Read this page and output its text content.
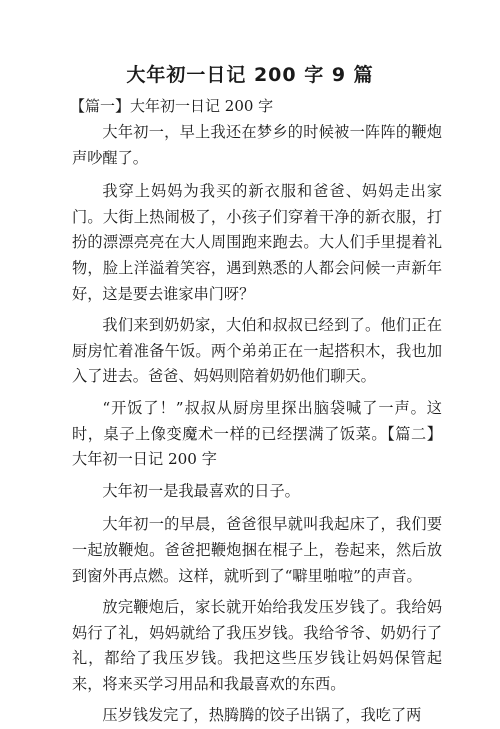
大年初一日记 200 字 9 篇
【篇一】大年初一日记 200 字

大年初一，早上我还在梦乡的时候被一阵阵的鞭炮声吵醒了。

我穿上妈妈为我买的新衣服和爸爸、妈妈走出家门。大街上热闹极了，小孩子们穿着干净的新衣服，打扮的漂漂亮亮在大人周围跑来跑去。大人们手里提着礼物，脸上洋溢着笑容，遇到熟悉的人都会问候一声新年好，这是要去谁家串门呀？

我们来到奶奶家，大伯和叔叔已经到了。他们正在厨房忙着准备午饭。两个弟弟正在一起搭积木，我也加入了进去。爸爸、妈妈则陪着奶奶他们聊天。

“开饭了！”叔叔从厨房里探出脑袋喊了一声。这时，桌子上像变魔术一样的已经摆满了饭菜。【篇二】大年初一日记 200 字

大年初一是我最喜欢的日子。

大年初一的早晨，爸爸很早就叫我起床了，我们要一起放鞭炮。爸爸把鞭炮捆在棍子上，卷起来，然后放到窗外再点燃。这样，就听到了“噼里啪啦”的声音。

放完鞭炮后，家长就开始给我发压岁钱了。我给妈妈行了礼，妈妈就给了我压岁钱。我给爷爷、奶奶行了礼，都给了我压岁钱。我把这些压岁钱让妈妈保管起来，将来买学习用品和我最喜欢的东西。

压岁钱发完了，热腾腾的饺子出锅了，我吃了两
